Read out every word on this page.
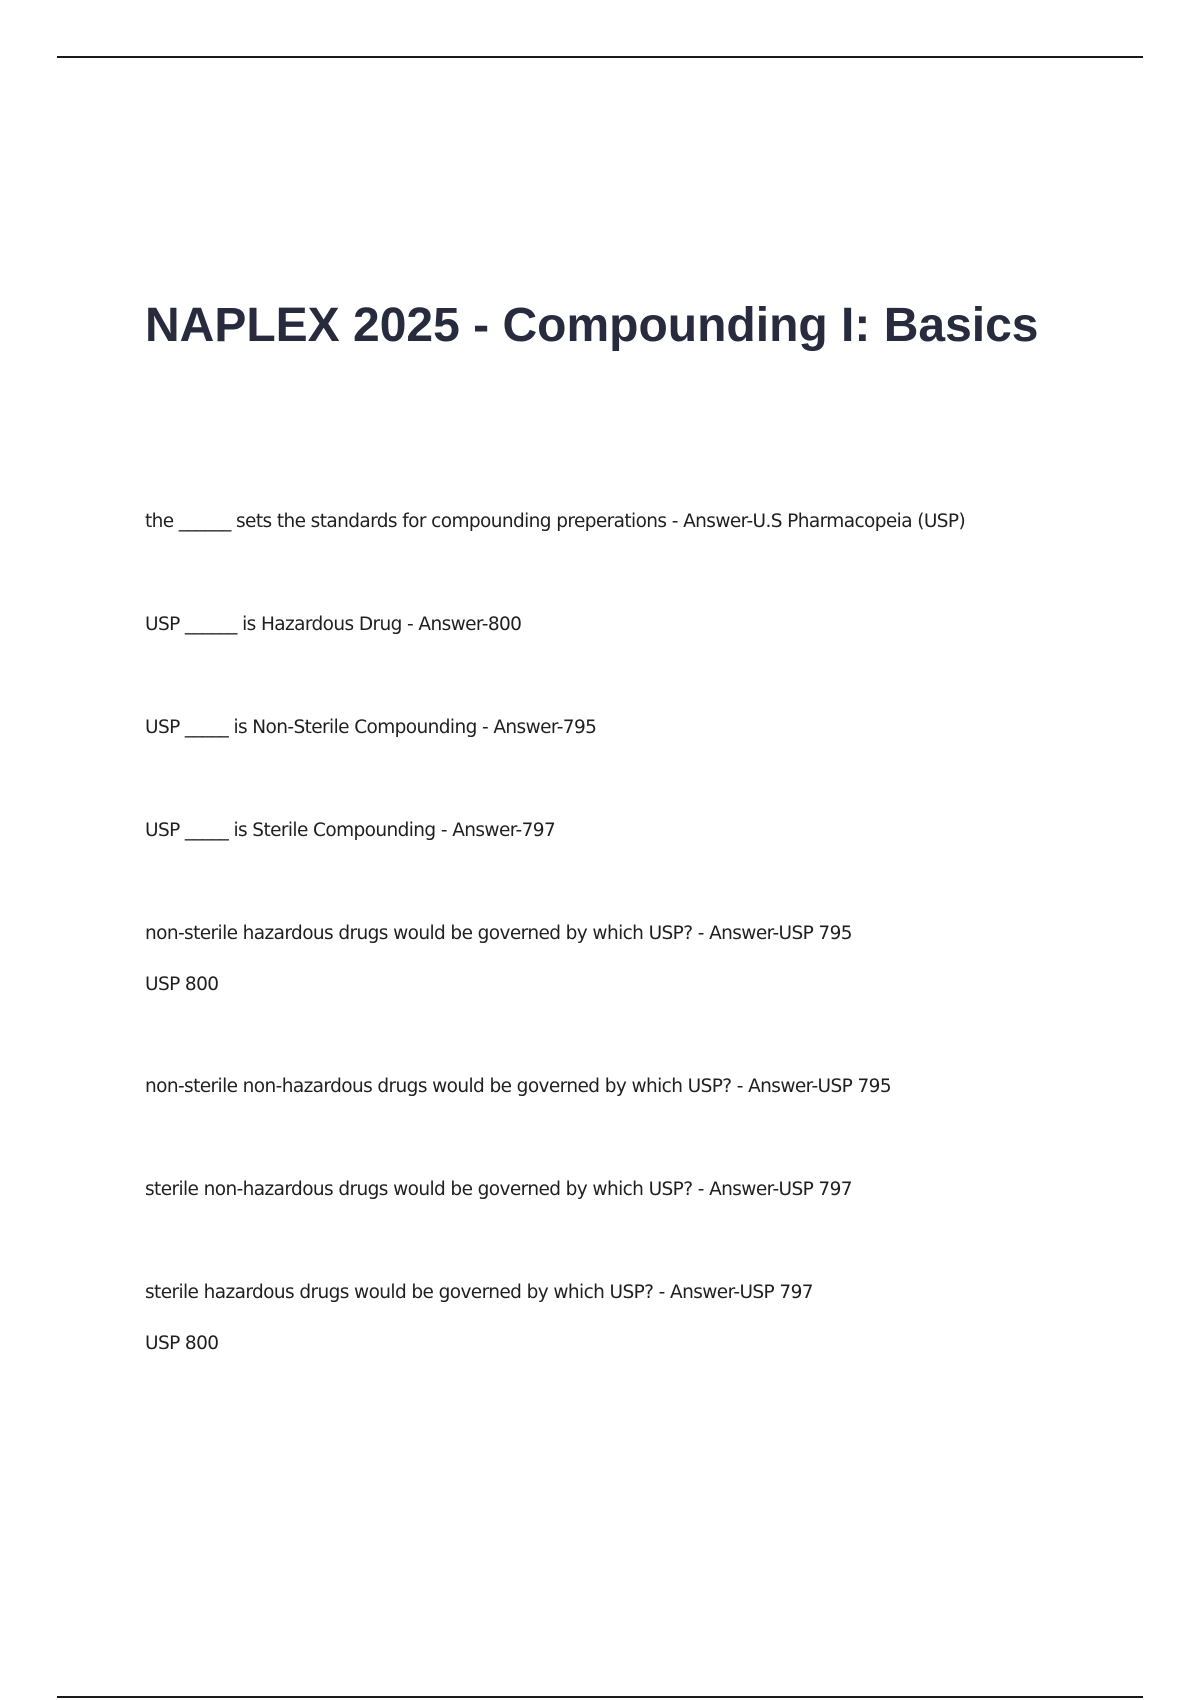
NAPLEX 2025 - Compounding I: Basics
the ______ sets the standards for compounding preperations - Answer-U.S Pharmacopeia (USP)
USP ______ is Hazardous Drug - Answer-800
USP _____ is Non-Sterile Compounding - Answer-795
USP _____ is Sterile Compounding - Answer-797
non-sterile hazardous drugs would be governed by which USP? - Answer-USP 795
USP 800
non-sterile non-hazardous drugs would be governed by which USP? - Answer-USP 795
sterile non-hazardous drugs would be governed by which USP? - Answer-USP 797
sterile hazardous drugs would be governed by which USP? - Answer-USP 797
USP 800
